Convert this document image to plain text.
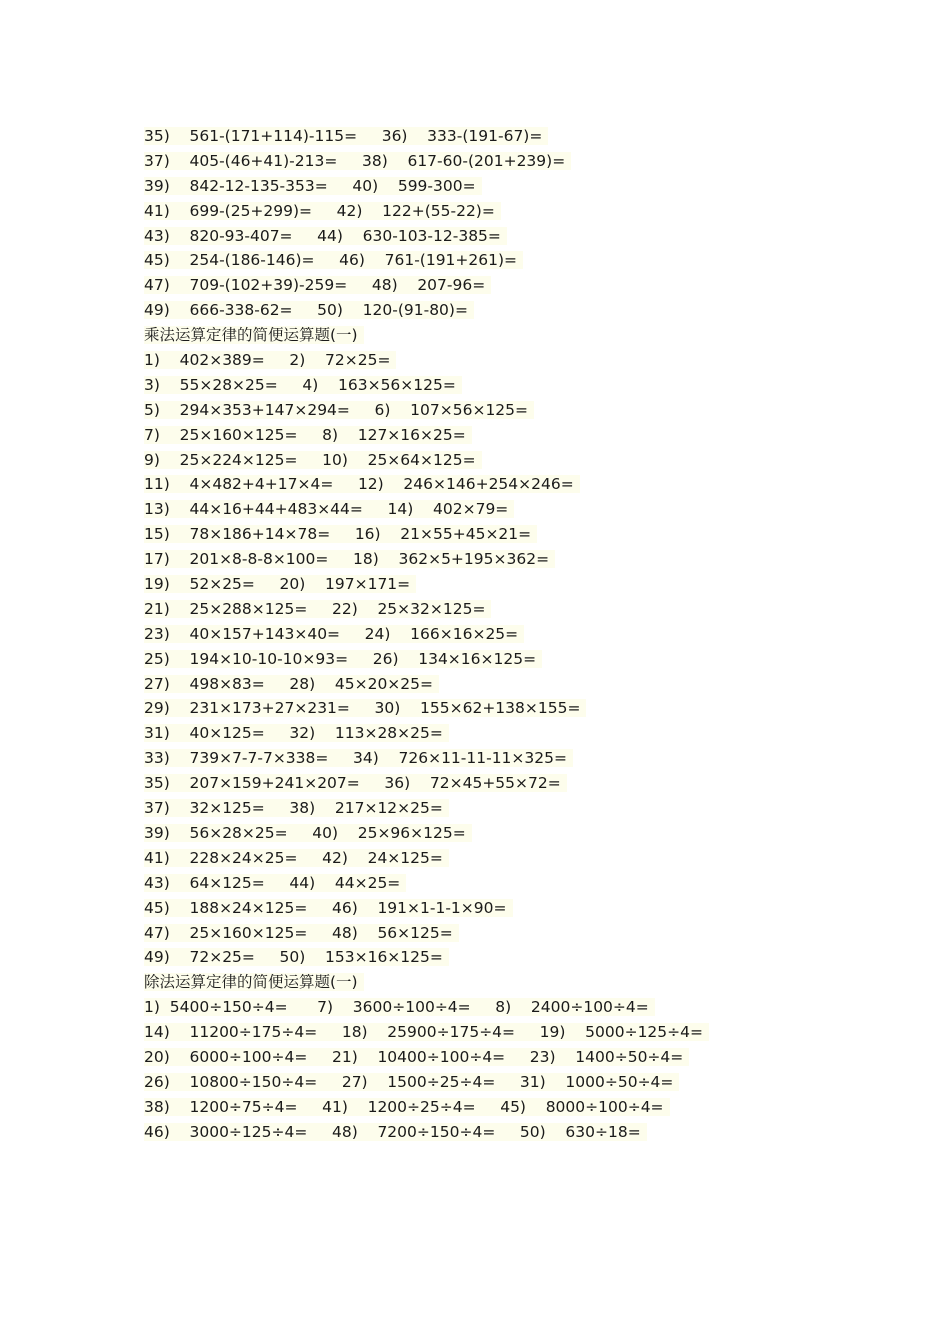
35)    561-(171+114)-115=     36)    333-(191-67)=
37)    405-(46+41)-213=     38)    617-60-(201+239)=
39)    842-12-135-353=     40)    599-300=
41)    699-(25+299)=     42)    122+(55-22)=
43)    820-93-407=     44)    630-103-12-385=
45)    254-(186-146)=     46)    761-(191+261)=
47)    709-(102+39)-259=     48)    207-96=
49)    666-338-62=     50)    120-(91-80)=
乘法运算定律的简便运算题(一)
1)    402×389=     2)    72×25=
3)    55×28×25=     4)    163×56×125=
5)    294×353+147×294=     6)    107×56×125=
7)    25×160×125=     8)    127×16×25=
9)    25×224×125=     10)    25×64×125=
11)    4×482+4+17×4=     12)    246×146+254×246=
13)    44×16+44+483×44=     14)    402×79=
15)    78×186+14×78=     16)    21×55+45×21=
17)    201×8-8-8×100=     18)    362×5+195×362=
19)    52×25=     20)    197×171=
21)    25×288×125=     22)    25×32×125=
23)    40×157+143×40=     24)    166×16×25=
25)    194×10-10-10×93=     26)    134×16×125=
27)    498×83=     28)    45×20×25=
29)    231×173+27×231=     30)    155×62+138×155=
31)    40×125=     32)    113×28×25=
33)    739×7-7-7×338=     34)    726×11-11-11×325=
35)    207×159+241×207=     36)    72×45+55×72=
37)    32×125=     38)    217×12×25=
39)    56×28×25=     40)    25×96×125=
41)    228×24×25=     42)    24×125=
43)    64×125=     44)    44×25=
45)    188×24×125=     46)    191×1-1-1×90=
47)    25×160×125=     48)    56×125=
49)    72×25=     50)    153×16×125=
除法运算定律的简便运算题(一)
1)  5400÷150÷4=      7)    3600÷100÷4=     8)    2400÷100÷4=
14)    11200÷175÷4=     18)    25900÷175÷4=     19)    5000÷125÷4=
20)    6000÷100÷4=     21)    10400÷100÷4=     23)    1400÷50÷4=
26)    10800÷150÷4=     27)    1500÷25÷4=     31)    1000÷50÷4=
38)    1200÷75÷4=     41)    1200÷25÷4=     45)    8000÷100÷4=
46)    3000÷125÷4=     48)    7200÷150÷4=     50)    630÷18=
